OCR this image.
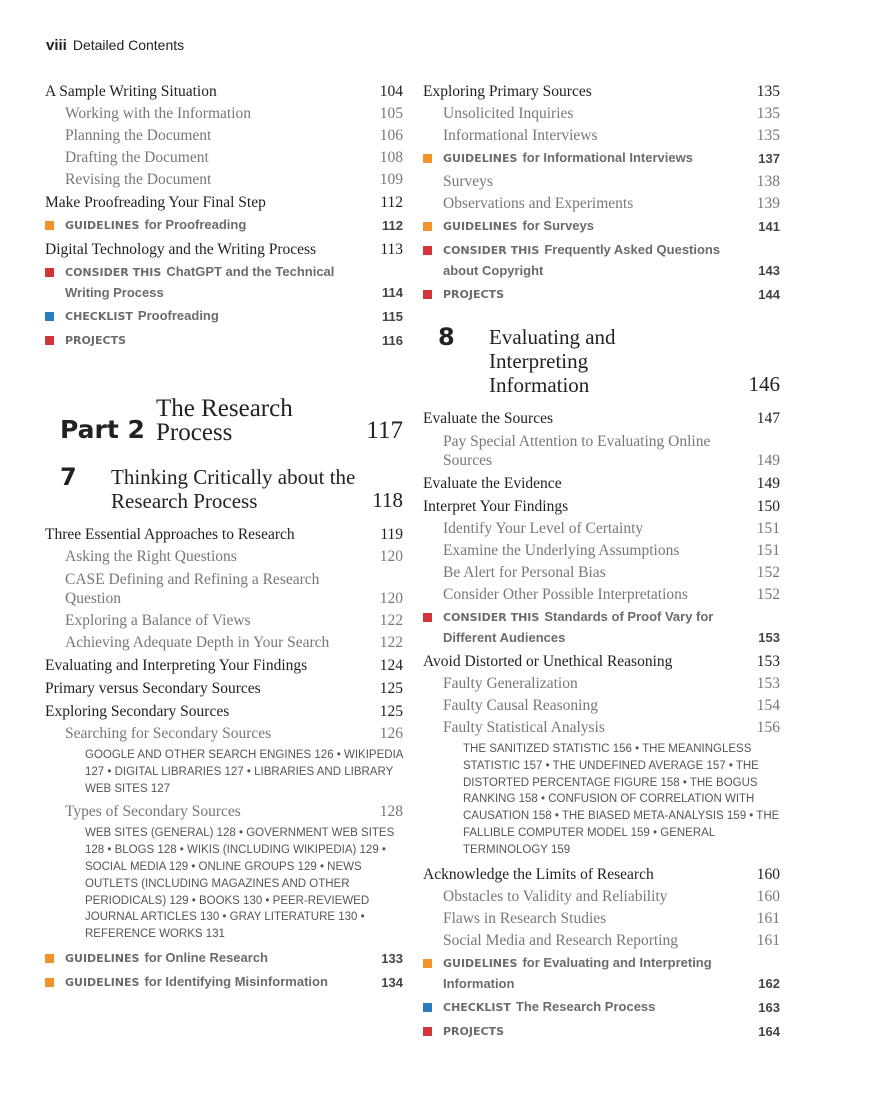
viii Detailed Contents
A Sample Writing Situation	104
Working with the Information	105
Planning the Document	106
Drafting the Document	108
Revising the Document	109
Make Proofreading Your Final Step	112
GUIDELINES for Proofreading	112
Digital Technology and the Writing Process	113
CONSIDER THIS ChatGPT and the Technical Writing Process	114
CHECKLIST Proofreading	115
PROJECTS	116
Part 2
The Research Process	117
7	Thinking Critically about the Research Process	118
Three Essential Approaches to Research	119
Asking the Right Questions	120
CASE Defining and Refining a Research Question	120
Exploring a Balance of Views	122
Achieving Adequate Depth in Your Search	122
Evaluating and Interpreting Your Findings	124
Primary versus Secondary Sources	125
Exploring Secondary Sources	125
Searching for Secondary Sources	126
GOOGLE AND OTHER SEARCH ENGINES 126 • WIKIPEDIA 127 • DIGITAL LIBRARIES 127 • LIBRARIES AND LIBRARY WEB SITES 127
Types of Secondary Sources	128
WEB SITES (GENERAL) 128 • GOVERNMENT WEB SITES 128 • BLOGS 128 • WIKIS (INCLUDING WIKIPEDIA) 129 • SOCIAL MEDIA 129 • ONLINE GROUPS 129 • NEWS OUTLETS (INCLUDING MAGAZINES AND OTHER PERIODICALS) 129 • BOOKS 130 • PEER-REVIEWED JOURNAL ARTICLES 130 • GRAY LITERATURE 130 • REFERENCE WORKS 131
GUIDELINES for Online Research	133
GUIDELINES for Identifying Misinformation	134
Exploring Primary Sources	135
Unsolicited Inquiries	135
Informational Interviews	135
GUIDELINES for Informational Interviews	137
Surveys	138
Observations and Experiments	139
GUIDELINES for Surveys	141
CONSIDER THIS Frequently Asked Questions about Copyright	143
PROJECTS	144
8	Evaluating and Interpreting Information	146
Evaluate the Sources	147
Pay Special Attention to Evaluating Online Sources	149
Evaluate the Evidence	149
Interpret Your Findings	150
Identify Your Level of Certainty	151
Examine the Underlying Assumptions	151
Be Alert for Personal Bias	152
Consider Other Possible Interpretations	152
CONSIDER THIS Standards of Proof Vary for Different Audiences	153
Avoid Distorted or Unethical Reasoning	153
Faulty Generalization	153
Faulty Causal Reasoning	154
Faulty Statistical Analysis	156
THE SANITIZED STATISTIC 156 • THE MEANINGLESS STATISTIC 157 • THE UNDEFINED AVERAGE 157 • THE DISTORTED PERCENTAGE FIGURE 158 • THE BOGUS RANKING 158 • CONFUSION OF CORRELATION WITH CAUSATION 158 • THE BIASED META-ANALYSIS 159 • THE FALLIBLE COMPUTER MODEL 159 • GENERAL TERMINOLOGY 159
Acknowledge the Limits of Research	160
Obstacles to Validity and Reliability	160
Flaws in Research Studies	161
Social Media and Research Reporting	161
GUIDELINES for Evaluating and Interpreting Information	162
CHECKLIST The Research Process	163
PROJECTS	164
